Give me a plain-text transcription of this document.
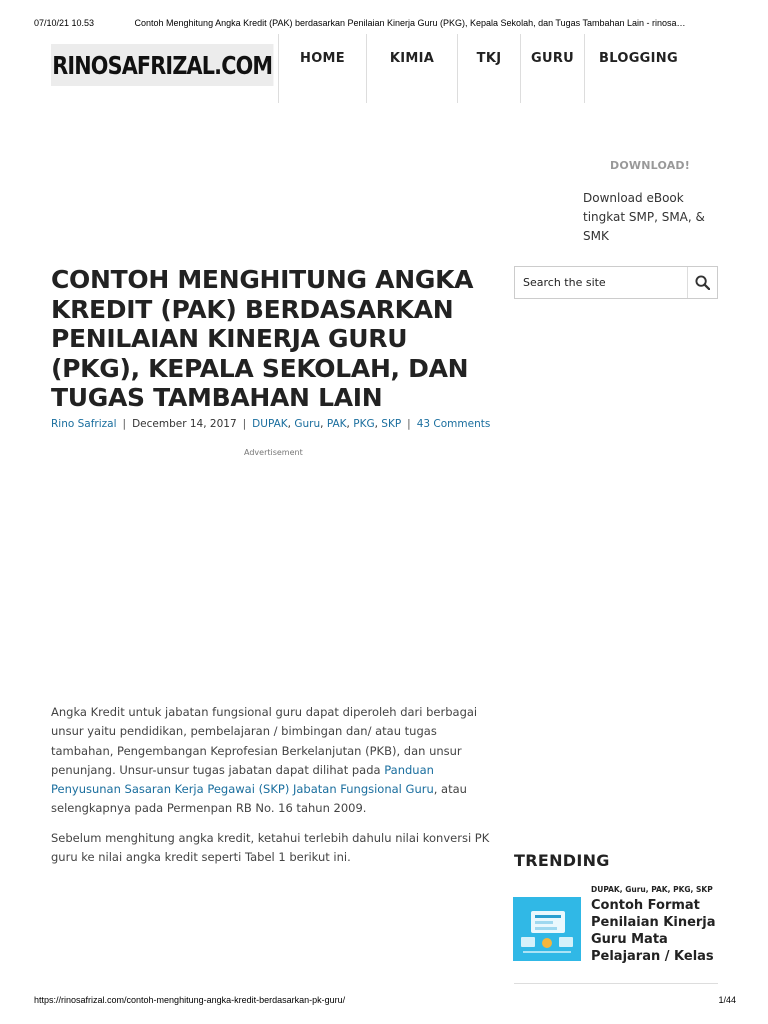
07/10/21 10.53	Contoh Menghitung Angka Kredit (PAK) berdasarkan Penilaian Kinerja Guru (PKG), Kepala Sekolah, dan Tugas Tambahan Lain - rinosa…
RINOSAFRIZAL.COM	HOME	KIMIA	TKJ	GURU	BLOGGING
DOWNLOAD!
Download eBook tingkat SMP, SMA, & SMK
Search the site
CONTOH MENGHITUNG ANGKA KREDIT (PAK) BERDASARKAN PENILAIAN KINERJA GURU (PKG), KEPALA SEKOLAH, DAN TUGAS TAMBAHAN LAIN
Rino Safrizal | December 14, 2017 | DUPAK, Guru, PAK, PKG, SKP | 43 Comments
Advertisement

Angka Kredit untuk jabatan fungsional guru dapat diperoleh dari berbagai unsur yaitu pendidikan, pembelajaran / bimbingan dan/ atau tugas tambahan, Pengembangan Keprofesian Berkelanjutan (PKB), dan unsur penunjang. Unsur-unsur tugas jabatan dapat dilihat pada Panduan Penyusunan Sasaran Kerja Pegawai (SKP) Jabatan Fungsional Guru, atau selengkapnya pada Permenpan RB No. 16 tahun 2009.

Sebelum menghitung angka kredit, ketahui terlebih dahulu nilai konversi PK guru ke nilai angka kredit seperti Tabel 1 berikut ini.	TRENDING
DUPAK, Guru, PAK, PKG, SKP
Contoh Format Penilaian Kinerja Guru Mata Pelajaran / Kelas
https://rinosafrizal.com/contoh-menghitung-angka-kredit-berdasarkan-pk-guru/	1/44
